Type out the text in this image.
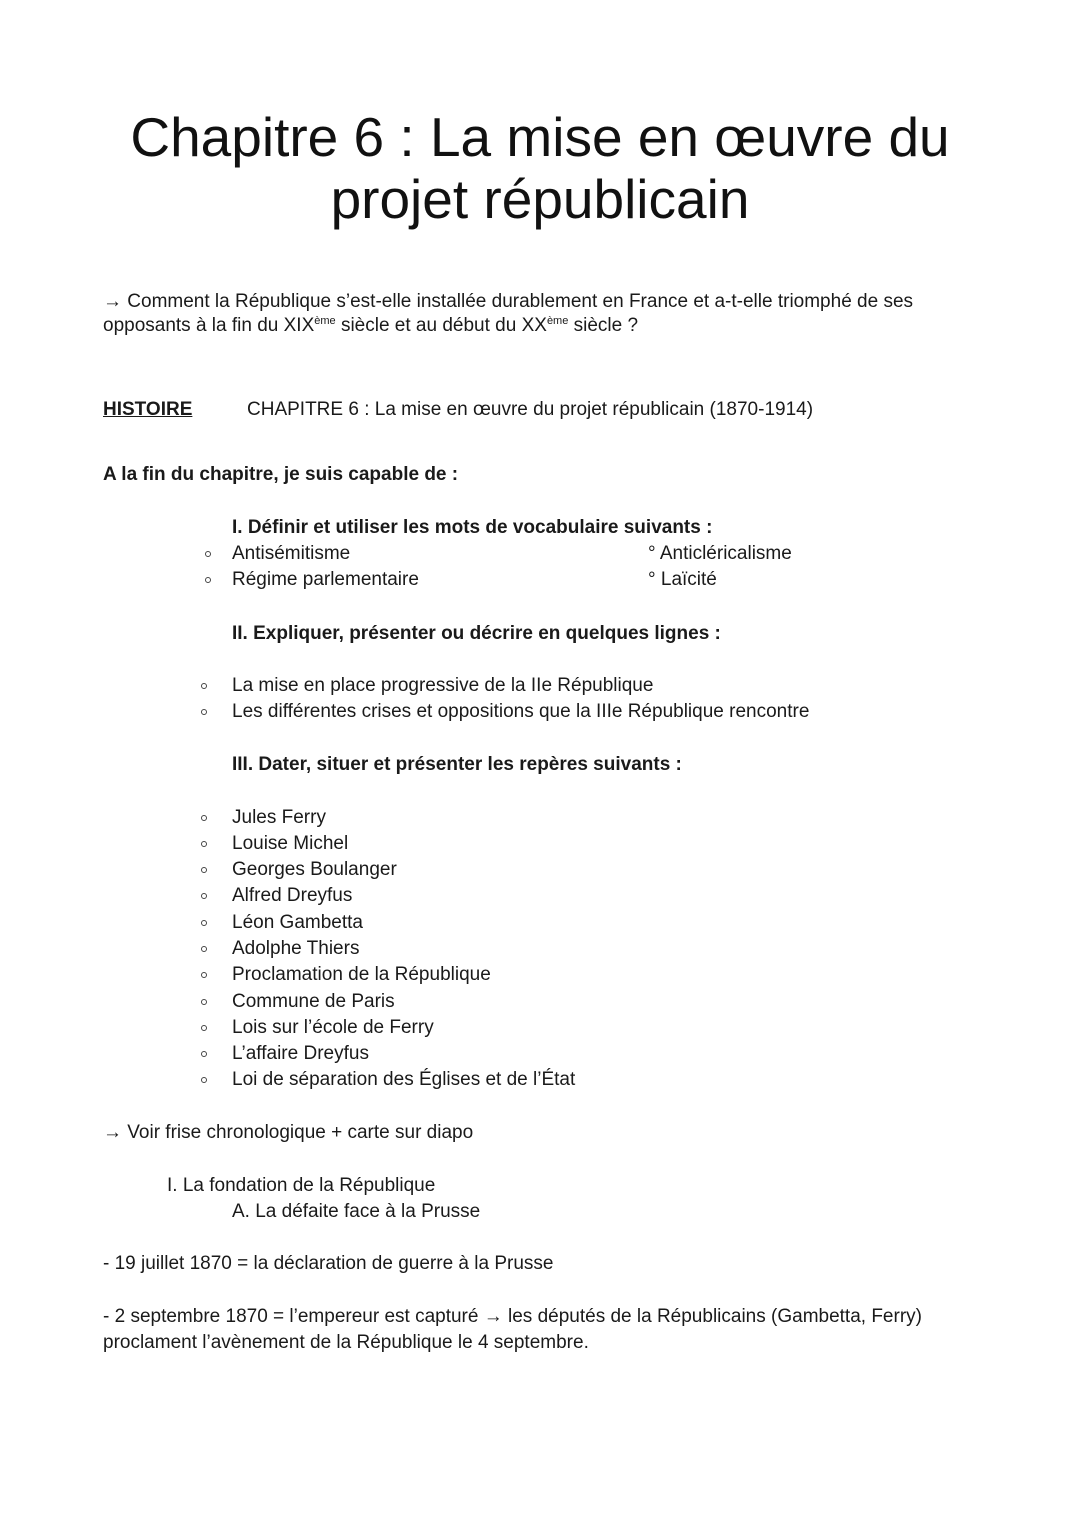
Chapitre 6 : La mise en œuvre du
projet républicain
→ Comment la République s’est-elle installée durablement en France et a-t-elle triomphé de ses
opposants à la fin du XIXème siècle et au début du XXème siècle ?
HISTOIRE	CHAPITRE 6 : La mise en œuvre du projet républicain (1870-1914)
A la fin du chapitre, je suis capable de :
I. Définir et utiliser les mots de vocabulaire suivants :
Antisémitisme
Régime parlementaire
° Anticléricalisme
° Laïcité
II. Expliquer, présenter ou décrire en quelques lignes :
La mise en place progressive de la IIe République
Les différentes crises et oppositions que la IIIe République rencontre
III. Dater, situer et présenter les repères suivants :
Jules Ferry
Louise Michel
Georges Boulanger
Alfred Dreyfus
Léon Gambetta
Adolphe Thiers
Proclamation de la République
Commune de Paris
Lois sur l’école de Ferry
L’affaire Dreyfus
Loi de séparation des Églises et de l’État
→ Voir frise chronologique + carte sur diapo
I. La fondation de la République
A. La défaite face à la Prusse
- 19 juillet 1870 = la déclaration de guerre à la Prusse
- 2 septembre 1870 = l’empereur est capturé → les députés de la Républicains (Gambetta, Ferry)
proclament l’avènement de la République le 4 septembre.
